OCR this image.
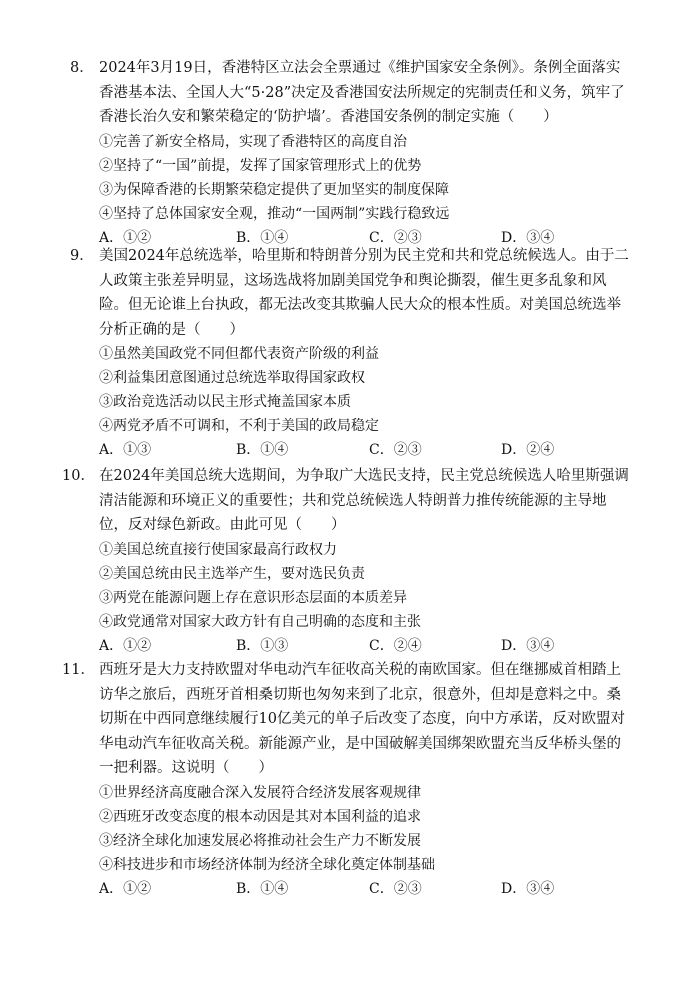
8． 2024年3月19日，香港特区立法会全票通过《维护国家安全条例》。条例全面落实
香港基本法、全国人大“5·28”决定及香港国安法所规定的宪制责任和义务，筑牢了
香港长治久安和繁荣稳定的‘防护墙’。香港国安条例的制定实施（　　）
①完善了新安全格局，实现了香港特区的高度自治
②坚持了“一国”前提，发挥了国家管理形式上的优势
③为保障香港的长期繁荣稳定提供了更加坚实的制度保障
④坚持了总体国家安全观，推动“一国两制”实践行稳致远
A．①②	B．①④	C．②③	D．③④
9． 美国2024年总统选举，哈里斯和特朗普分别为民主党和共和党总统候选人。由于二
人政策主张差异明显，这场选战将加剧美国党争和舆论撕裂，催生更多乱象和风
险。但无论谁上台执政，都无法改变其欺骗人民大众的根本性质。对美国总统选举
分析正确的是（　　）
①虽然美国政党不同但都代表资产阶级的利益
②利益集团意图通过总统选举取得国家政权
③政治竞选活动以民主形式掩盖国家本质
④两党矛盾不可调和，不利于美国的政局稳定
A．①③	B．①④	C．②③	D．②④
10． 在2024年美国总统大选期间，为争取广大选民支持，民主党总统候选人哈里斯强调
清洁能源和环境正义的重要性；共和党总统候选人特朗普力推传统能源的主导地
位，反对绿色新政。由此可见（　　）
①美国总统直接行使国家最高行政权力
②美国总统由民主选举产生，要对选民负责
③两党在能源问题上存在意识形态层面的本质差异
④政党通常对国家大政方针有自己明确的态度和主张
A．①②	B．①③	C．②④	D．③④
11． 西班牙是大力支持欧盟对华电动汽车征收高关税的南欧国家。但在继挪威首相踏上
访华之旅后，西班牙首相桑切斯也匆匆来到了北京，很意外，但却是意料之中。桑
切斯在中西同意继续履行10亿美元的单子后改变了态度，向中方承诺，反对欧盟对
华电动汽车征收高关税。新能源产业，是中国破解美国绑架欧盟充当反华桥头堡的
一把利器。这说明（　　）
①世界经济高度融合深入发展符合经济发展客观规律
②西班牙改变态度的根本动因是其对本国利益的追求
③经济全球化加速发展必将推动社会生产力不断发展
④科技进步和市场经济体制为经济全球化奠定体制基础
A．①②	B．①④	C．②③	D．③④
